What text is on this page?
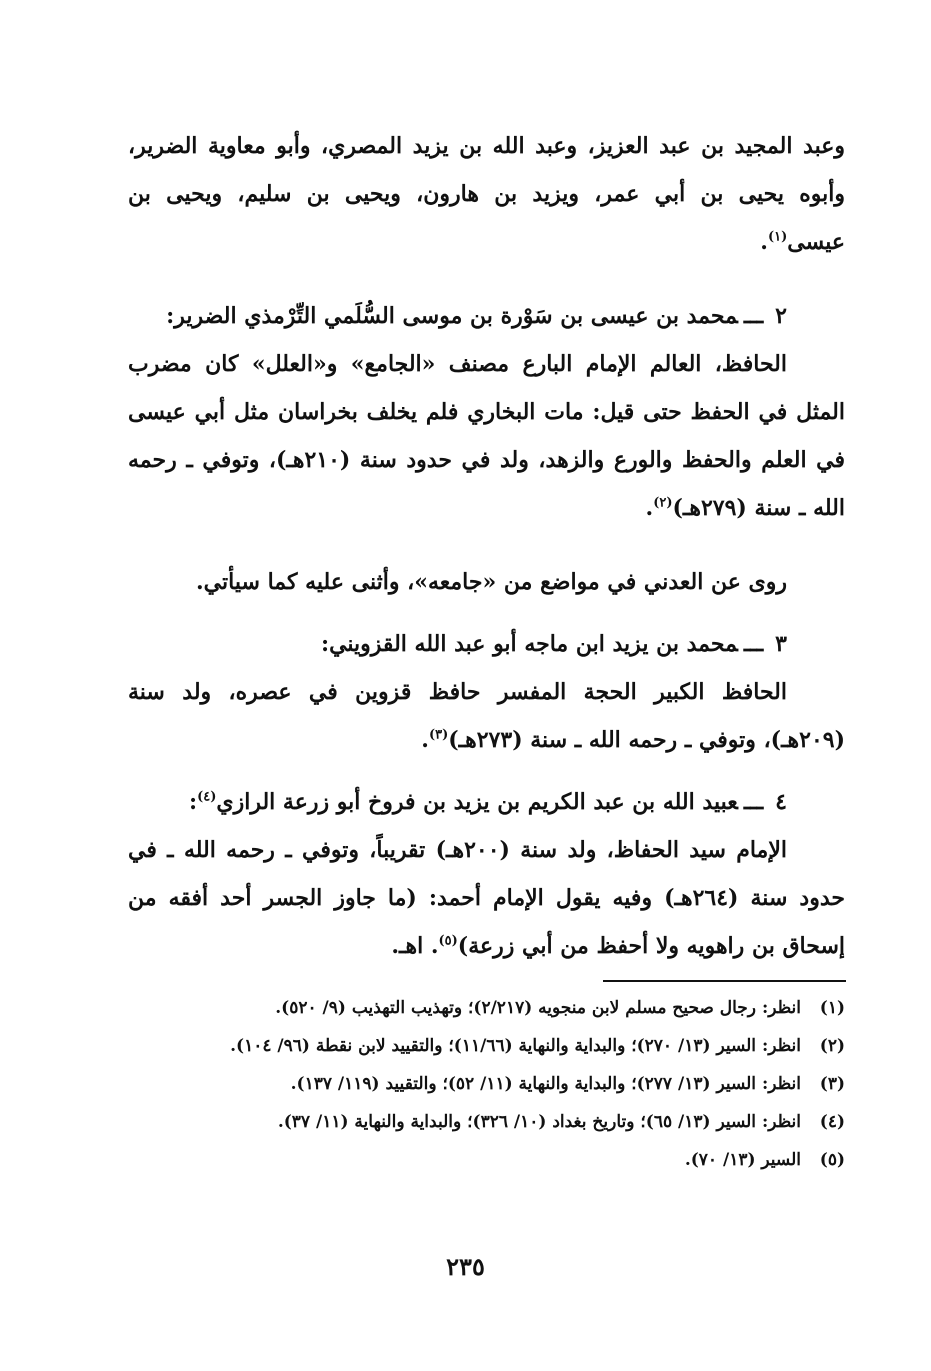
وعبد المجيد بن عبد العزيز، وعبد الله بن يزيد المصري، وأبو معاوية الضرير، وأبوه يحيى بن أبي عمر، ويزيد بن هارون، ويحيى بن سليم، ويحيى بن عيسى$^{(١)}$.

٢ـــمحمد بن عيسى بن سَوْرة بن موسى السُّلَمي التِّرْمذي الضرير:

الحافظ، العالم الإمام البارع مصنف «الجامع» و«العلل» كان مضرب المثل في الحفظ حتى قيل: مات البخاري فلم يخلف بخراسان مثل أبي عيسى في العلم والحفظ والورع والزهد، ولد في حدود سنة (٢١٠هـ)، وتوفي ـ رحمه الله ـ سنة (٢٧٩هـ)$^{(٢)}$.

روى عن العدني في مواضع من «جامعه»، وأثنى عليه كما سيأتي.

٣ـــمحمد بن يزيد ابن ماجه أبو عبد الله القزويني:

الحافظ الكبير الحجة المفسر حافظ قزوين في عصره، ولد سنة (٢٠٩هـ)، وتوفي ـ رحمه الله ـ سنة (٢٧٣هـ)$^{(٣)}$.

٤ـــعبيد الله بن عبد الكريم بن يزيد بن فروخ أبو زرعة الرازي$^{(٤)}$:

الإمام سيد الحفاظ، ولد سنة (٢٠٠هـ) تقريباً، وتوفي ـ رحمه الله ـ في حدود سنة (٢٦٤هـ) وفيه يقول الإمام أحمد: (ما جاوز الجسر أحد أفقه من إسحاق بن راهويه ولا أحفظ من أبي زرعة)$^{(٥)}$. اهـ.

(١)
انظر: رجال صحيح مسلم لابن منجويه (٢/٢١٧)؛ وتهذيب التهذيب (٩/ ٥٢٠).
(٢)
انظر: السير (١٣/ ٢٧٠)؛ والبداية والنهاية (١١/٦٦)؛ والتقييد لابن نقطة (٩٦/ ١٠٤).
(٣)
انظر: السير (١٣/ ٢٧٧)؛ والبداية والنهاية (١١/ ٥٢)؛ والتقييد (١١٩/ ١٣٧).
(٤)
انظر: السير (١٣/ ٦٥)؛ وتاريخ بغداد (١٠/ ٣٢٦)؛ والبداية والنهاية (١١/ ٣٧).
(٥)
السير (١٣/ ٧٠).
٢٣٥
